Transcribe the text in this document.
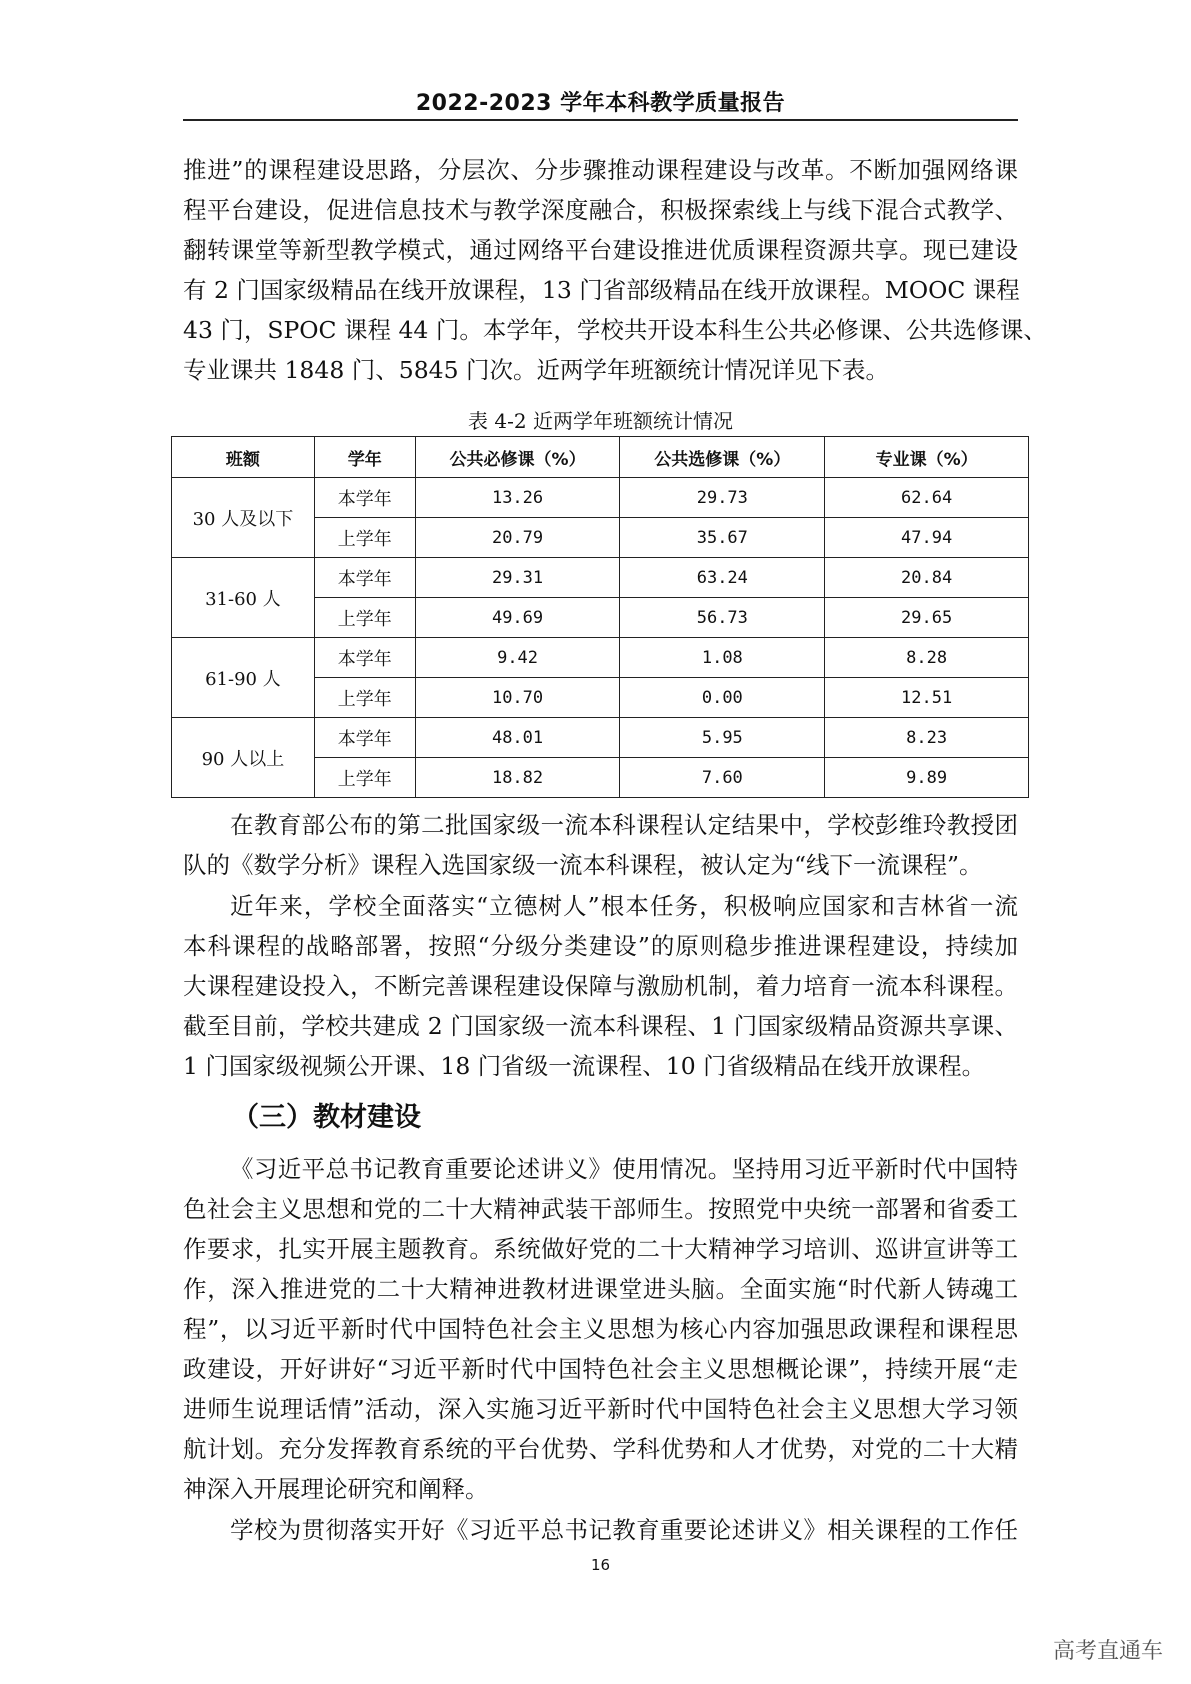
2022-2023 学年本科教学质量报告
推进”的课程建设思路，分层次、分步骤推动课程建设与改革。不断加强网络课
程平台建设，促进信息技术与教学深度融合，积极探索线上与线下混合式教学、
翻转课堂等新型教学模式，通过网络平台建设推进优质课程资源共享。现已建设
有 2 门国家级精品在线开放课程，13 门省部级精品在线开放课程。MOOC 课程
43 门，SPOC 课程 44 门。本学年，学校共开设本科生公共必修课、公共选修课、
专业课共 1848 门、5845 门次。近两学年班额统计情况详见下表。
表 4-2 近两学年班额统计情况
班额	学年	公共必修课（%）	公共选修课（%）	专业课（%）
30 人及以下	本学年	13.26	29.73	62.64
	上学年	20.79	35.67	47.94
31-60 人	本学年	29.31	63.24	20.84
	上学年	49.69	56.73	29.65
61-90 人	本学年	9.42	1.08	8.28
	上学年	10.70	0.00	12.51
90 人以上	本学年	48.01	5.95	8.23
	上学年	18.82	7.60	9.89
在教育部公布的第二批国家级一流本科课程认定结果中，学校彭维玲教授团
队的《数学分析》课程入选国家级一流本科课程，被认定为“线下一流课程”。
近年来，学校全面落实“立德树人”根本任务，积极响应国家和吉林省一流
本科课程的战略部署，按照“分级分类建设”的原则稳步推进课程建设，持续加
大课程建设投入，不断完善课程建设保障与激励机制，着力培育一流本科课程。
截至目前，学校共建成 2 门国家级一流本科课程、1 门国家级精品资源共享课、
1 门国家级视频公开课、18 门省级一流课程、10 门省级精品在线开放课程。
（三）教材建设
《习近平总书记教育重要论述讲义》使用情况。坚持用习近平新时代中国特
色社会主义思想和党的二十大精神武装干部师生。按照党中央统一部署和省委工
作要求，扎实开展主题教育。系统做好党的二十大精神学习培训、巡讲宣讲等工
作，深入推进党的二十大精神进教材进课堂进头脑。全面实施“时代新人铸魂工
程”，以习近平新时代中国特色社会主义思想为核心内容加强思政课程和课程思
政建设，开好讲好“习近平新时代中国特色社会主义思想概论课”，持续开展“走
进师生说理话情”活动，深入实施习近平新时代中国特色社会主义思想大学习领
航计划。充分发挥教育系统的平台优势、学科优势和人才优势，对党的二十大精
神深入开展理论研究和阐释。
学校为贯彻落实开好《习近平总书记教育重要论述讲义》相关课程的工作任
16
高考直通车
